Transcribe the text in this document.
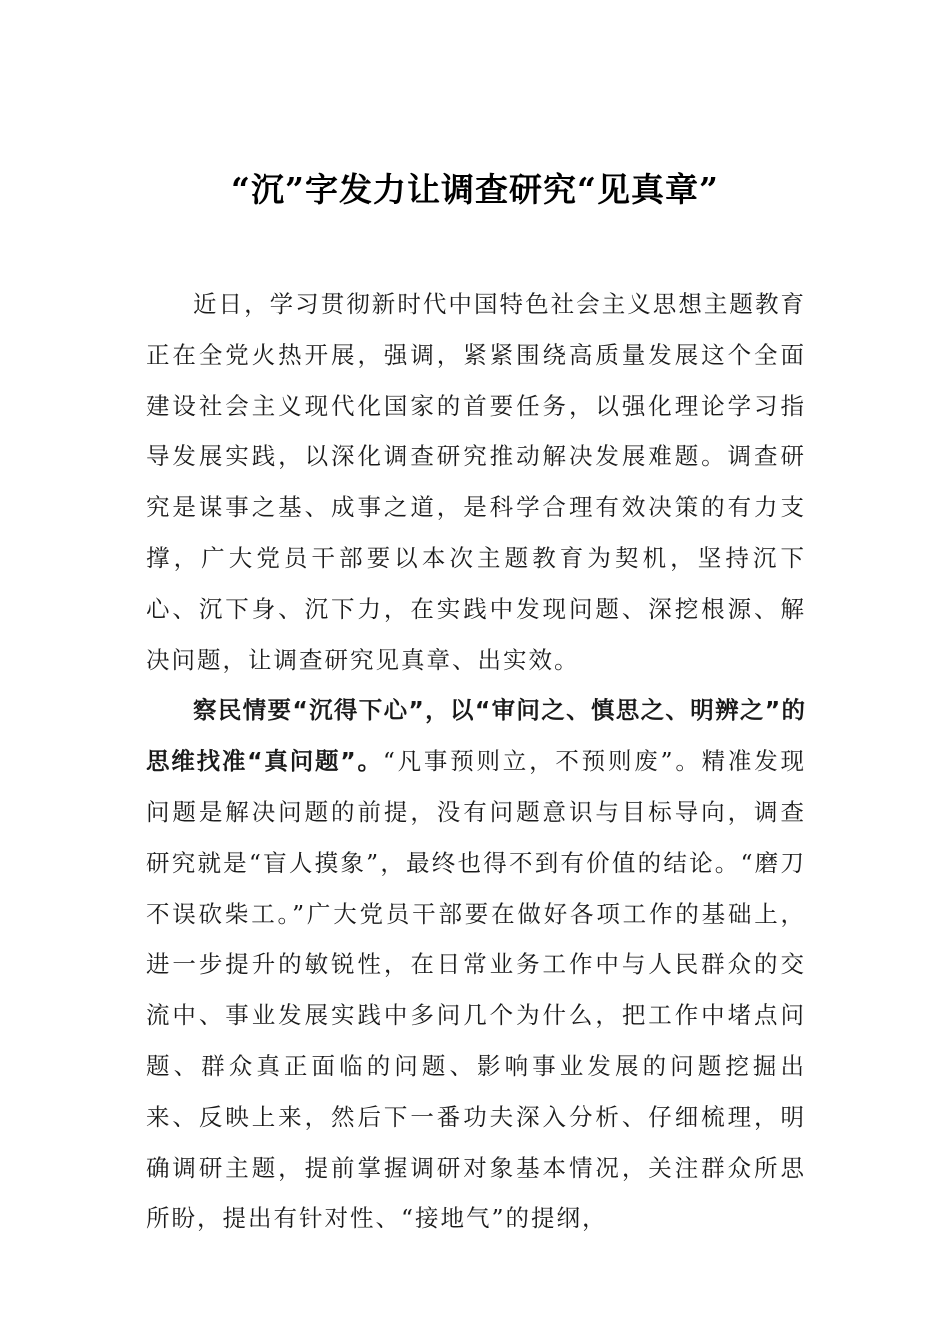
“沉”字发力让调查研究“见真章”

近日，学习贯彻新时代中国特色社会主义思想主题教育正在全党火热开展，强调，紧紧围绕高质量发展这个全面建设社会主义现代化国家的首要任务，以强化理论学习指导发展实践，以深化调查研究推动解决发展难题。调查研究是谋事之基、成事之道，是科学合理有效决策的有力支撑，广大党员干部要以本次主题教育为契机，坚持沉下心、沉下身、沉下力，在实践中发现问题、深挖根源、解决问题，让调查研究见真章、出实效。

察民情要“沉得下心”，以“审问之、慎思之、明辨之”的思维找准“真问题”。“凡事预则立，不预则废”。精准发现问题是解决问题的前提，没有问题意识与目标导向，调查研究就是“盲人摸象”，最终也得不到有价值的结论。“磨刀不误砍柴工。”广大党员干部要在做好各项工作的基础上，进一步提升的敏锐性，在日常业务工作中与人民群众的交流中、事业发展实践中多问几个为什么，把工作中堵点问题、群众真正面临的问题、影响事业发展的问题挖掘出来、反映上来，然后下一番功夫深入分析、仔细梳理，明确调研主题，提前掌握调研对象基本情况，关注群众所思所盼，提出有针对性、“接地气”的提纲，
